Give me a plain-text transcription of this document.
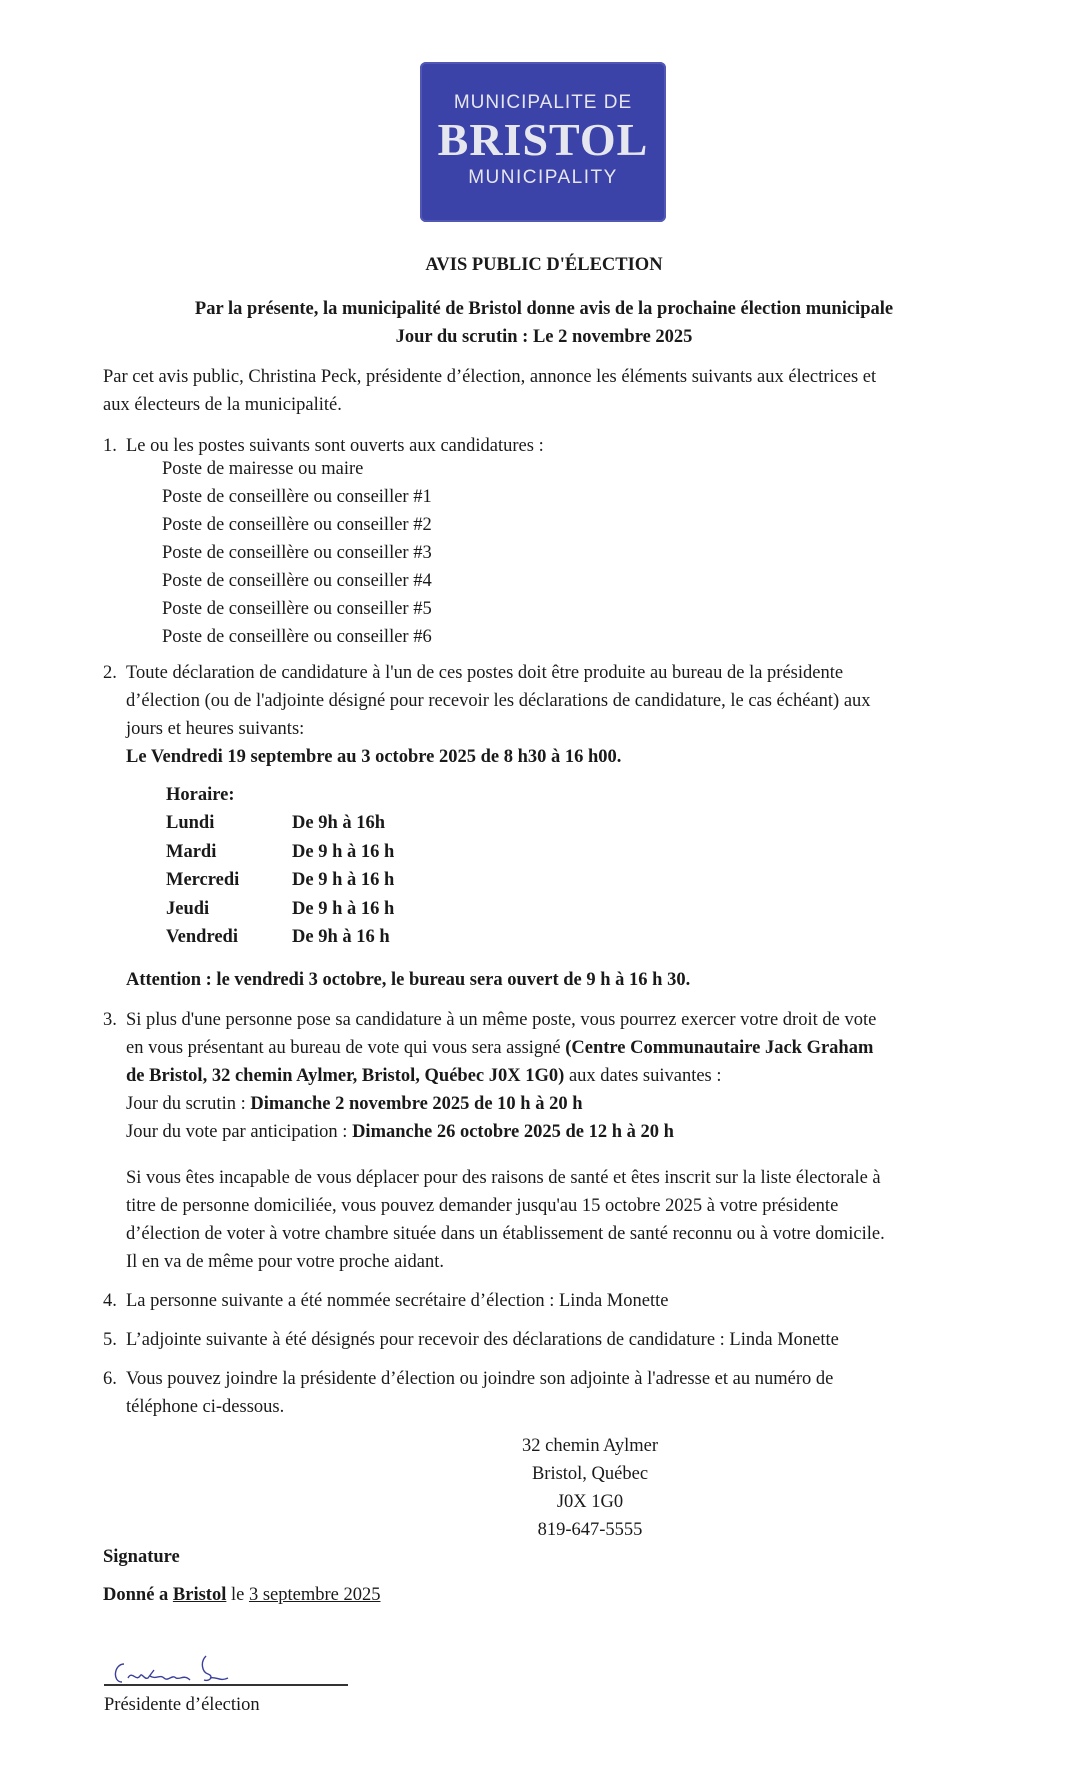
MUNICIPALITE DE
BRISTOL
MUNICIPALITY
AVIS PUBLIC D'ÉLECTION
Par la présente, la municipalité de Bristol donne avis de la prochaine élection municipale
Jour du scrutin : Le 2 novembre 2025
Par cet avis public, Christina Peck, présidente d’élection, annonce les éléments suivants aux électrices et
aux électeurs de la municipalité.
1. Le ou les postes suivants sont ouverts aux candidatures :
Poste de mairesse ou maire
Poste de conseillère ou conseiller #1
Poste de conseillère ou conseiller #2
Poste de conseillère ou conseiller #3
Poste de conseillère ou conseiller #4
Poste de conseillère ou conseiller #5
Poste de conseillère ou conseiller #6
2. Toute déclaration de candidature à l'un de ces postes doit être produite au bureau de la présidente
d’élection (ou de l'adjointe désigné pour recevoir les déclarations de candidature, le cas échéant) aux
jours et heures suivants:
Le Vendredi 19 septembre au 3 octobre 2025 de 8 h30 à 16 h00.
Horaire:
Lundi	De 9h à 16h
Mardi	De 9 h à 16 h
Mercredi	De 9 h à 16 h
Jeudi	De 9 h à 16 h
Vendredi	De 9h à 16 h
Attention : le vendredi 3 octobre, le bureau sera ouvert de 9 h à 16 h 30.
3. Si plus d'une personne pose sa candidature à un même poste, vous pourrez exercer votre droit de vote
en vous présentant au bureau de vote qui vous sera assigné (Centre Communautaire Jack Graham
de Bristol, 32 chemin Aylmer, Bristol, Québec J0X 1G0) aux dates suivantes :
Jour du scrutin : Dimanche 2 novembre 2025 de 10 h à 20 h
Jour du vote par anticipation : Dimanche 26 octobre 2025 de 12 h à 20 h
Si vous êtes incapable de vous déplacer pour des raisons de santé et êtes inscrit sur la liste électorale à
titre de personne domiciliée, vous pouvez demander jusqu'au 15 octobre 2025 à votre présidente
d’élection de voter à votre chambre située dans un établissement de santé reconnu ou à votre domicile.
Il en va de même pour votre proche aidant.
4. La personne suivante a été nommée secrétaire d’élection : Linda Monette
5. L’adjointe suivante à été désignés pour recevoir des déclarations de candidature : Linda Monette
6. Vous pouvez joindre la présidente d’élection ou joindre son adjointe à l'adresse et au numéro de
téléphone ci-dessous.
32 chemin Aylmer
Bristol, Québec
J0X 1G0
819-647-5555
Signature
Donné a Bristol le 3 septembre 2025
Présidente d’élection
